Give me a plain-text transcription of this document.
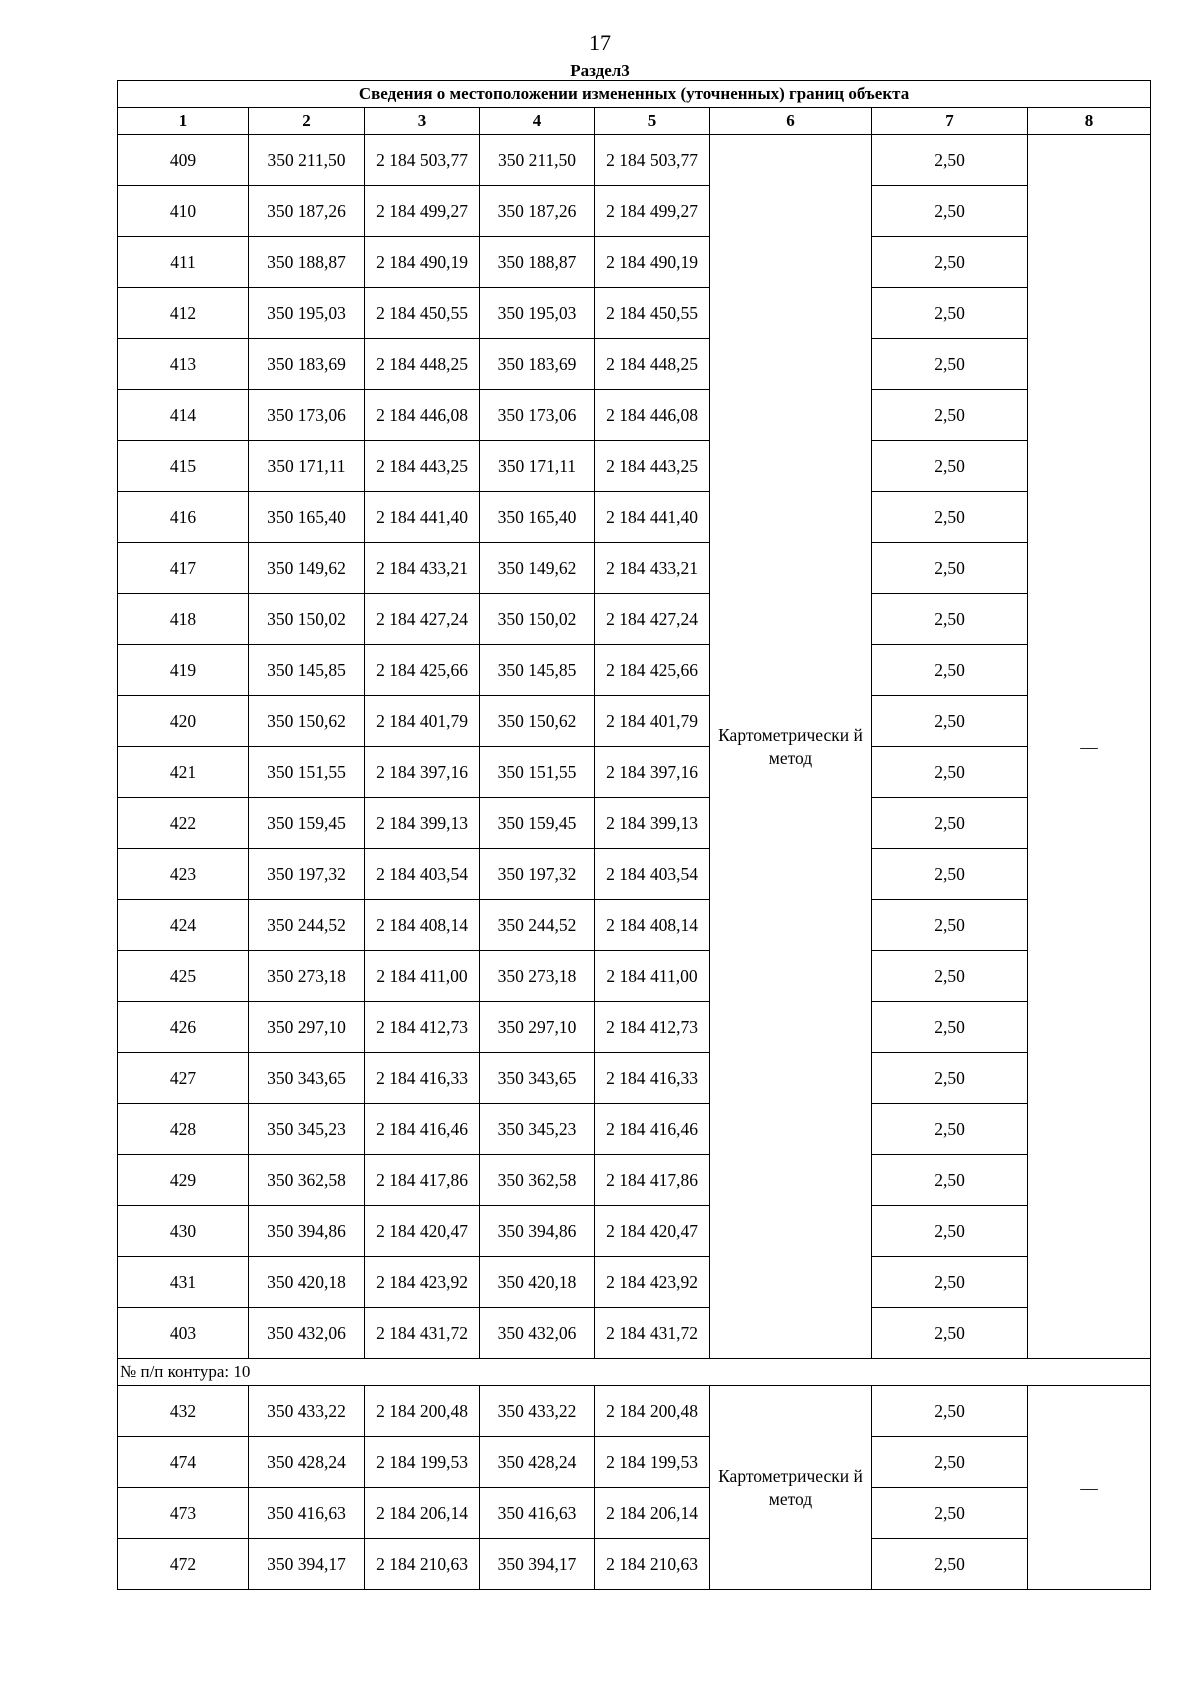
17
Раздел3
Сведения о местоположении измененных (уточненных) границ объекта							
1	2	3	4	5	6	7	8
409	350 211,50	2 184 503,77	350 211,50	2 184 503,77	Картометрически й метод	2,50	—
410	350 187,26	2 184 499,27	350 187,26	2 184 499,27		2,50	
411	350 188,87	2 184 490,19	350 188,87	2 184 490,19		2,50	
412	350 195,03	2 184 450,55	350 195,03	2 184 450,55		2,50	
413	350 183,69	2 184 448,25	350 183,69	2 184 448,25		2,50	
414	350 173,06	2 184 446,08	350 173,06	2 184 446,08		2,50	
415	350 171,11	2 184 443,25	350 171,11	2 184 443,25		2,50	
416	350 165,40	2 184 441,40	350 165,40	2 184 441,40		2,50	
417	350 149,62	2 184 433,21	350 149,62	2 184 433,21		2,50	
418	350 150,02	2 184 427,24	350 150,02	2 184 427,24		2,50	
419	350 145,85	2 184 425,66	350 145,85	2 184 425,66		2,50	
420	350 150,62	2 184 401,79	350 150,62	2 184 401,79		2,50	
421	350 151,55	2 184 397,16	350 151,55	2 184 397,16		2,50	
422	350 159,45	2 184 399,13	350 159,45	2 184 399,13		2,50	
423	350 197,32	2 184 403,54	350 197,32	2 184 403,54		2,50	
424	350 244,52	2 184 408,14	350 244,52	2 184 408,14		2,50	
425	350 273,18	2 184 411,00	350 273,18	2 184 411,00		2,50	
426	350 297,10	2 184 412,73	350 297,10	2 184 412,73		2,50	
427	350 343,65	2 184 416,33	350 343,65	2 184 416,33		2,50	
428	350 345,23	2 184 416,46	350 345,23	2 184 416,46		2,50	
429	350 362,58	2 184 417,86	350 362,58	2 184 417,86		2,50	
430	350 394,86	2 184 420,47	350 394,86	2 184 420,47		2,50	
431	350 420,18	2 184 423,92	350 420,18	2 184 423,92		2,50	
403	350 432,06	2 184 431,72	350 432,06	2 184 431,72		2,50	
№ п/п контура: 10							
432	350 433,22	2 184 200,48	350 433,22	2 184 200,48	Картометрически й метод	2,50	—
474	350 428,24	2 184 199,53	350 428,24	2 184 199,53		2,50	
473	350 416,63	2 184 206,14	350 416,63	2 184 206,14		2,50	
472	350 394,17	2 184 210,63	350 394,17	2 184 210,63		2,50	
